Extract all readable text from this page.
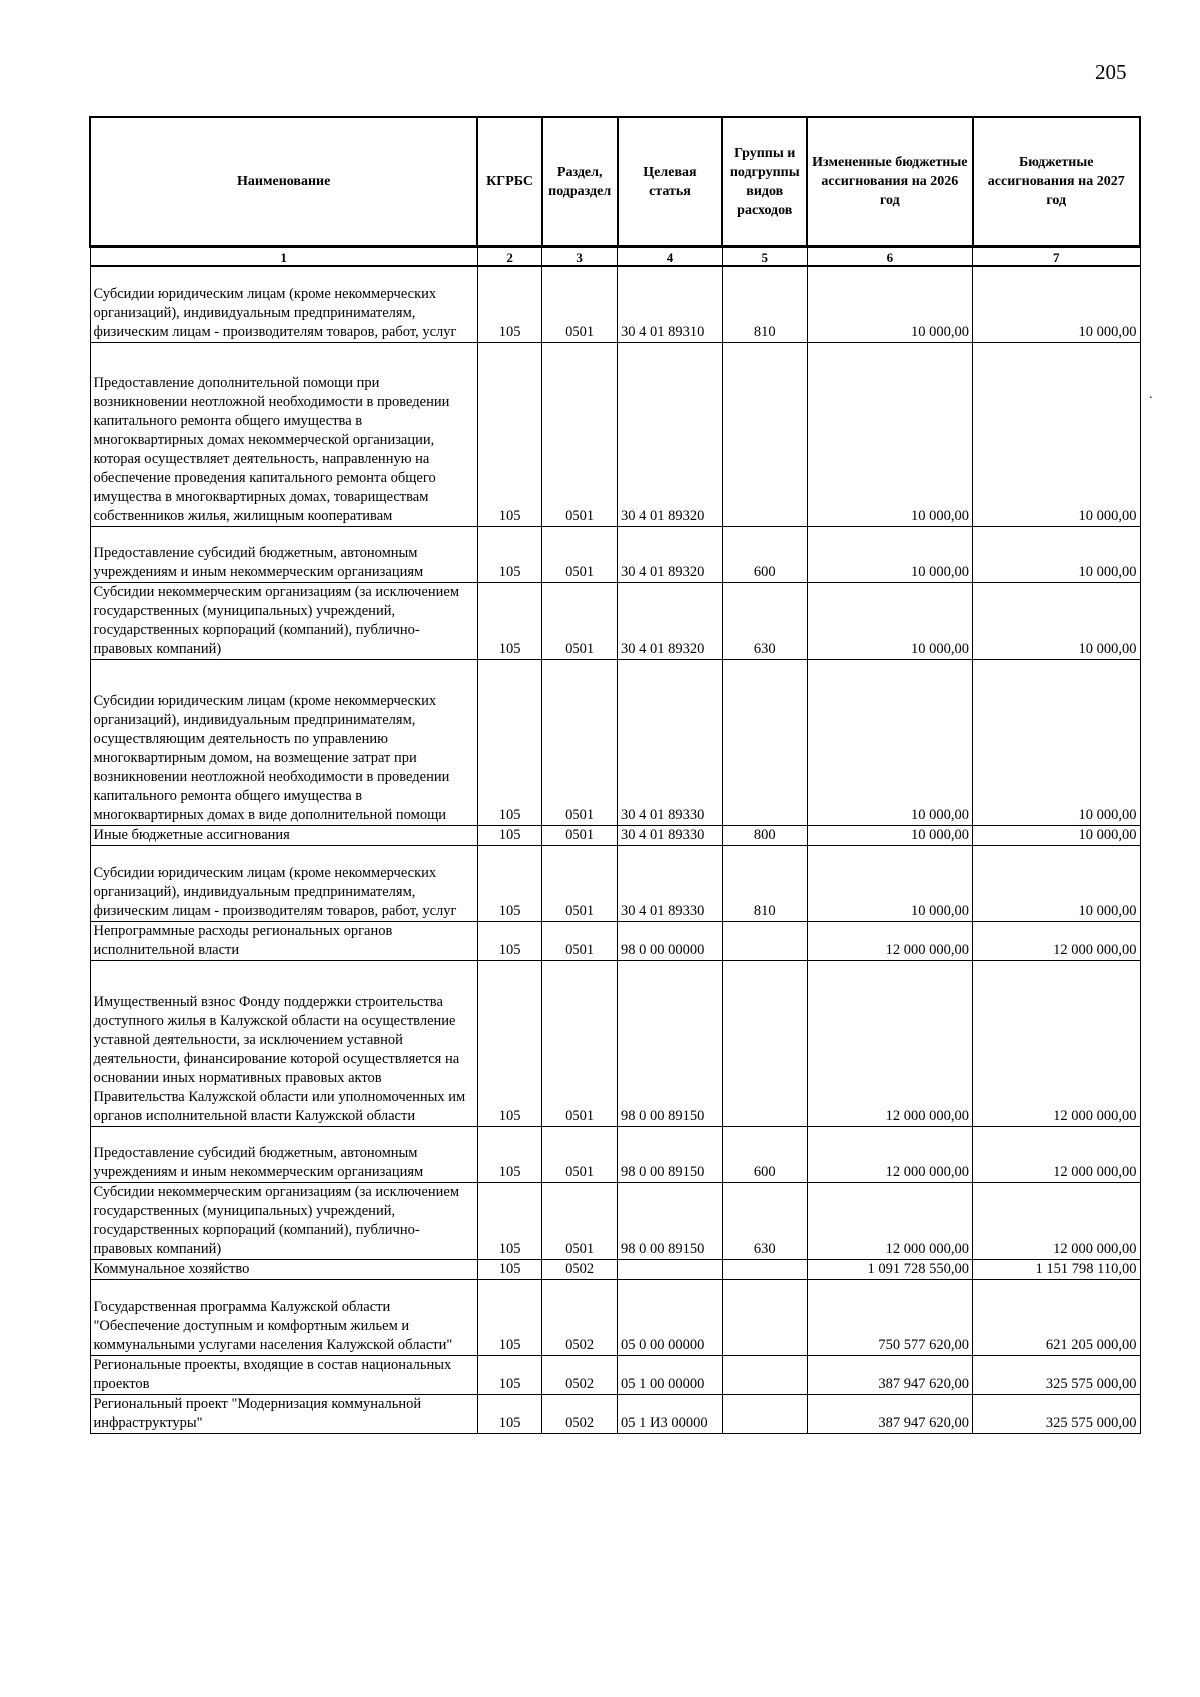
205
.
Наименование	КГРБС	Раздел, подраздел	Целевая статья	Группы и подгруппы видов расходов	Измененные бюджетные ассигнования на 2026 год	Бюджетные ассигнования на 2027 год
1	2	3	4	5	6	7
Субсидии юридическим лицам (кроме некоммерческих организаций), индивидуальным предпринимателям, физическим лицам - производителям товаров, работ, услуг	105	0501	30 4 01 89310	810	10 000,00	10 000,00
Предоставление дополнительной помощи при возникновении неотложной необходимости в проведении капитального ремонта общего имущества в многоквартирных домах некоммерческой организации, которая осуществляет деятельность, направленную на обеспечение проведения капитального ремонта общего имущества в многоквартирных домах, товариществам собственников жилья, жилищным кооперативам	105	0501	30 4 01 89320		10 000,00	10 000,00
Предоставление субсидий бюджетным, автономным учреждениям и иным некоммерческим организациям	105	0501	30 4 01 89320	600	10 000,00	10 000,00
Субсидии некоммерческим организациям (за исключением государственных (муниципальных) учреждений, государственных корпораций (компаний), публично-правовых компаний)	105	0501	30 4 01 89320	630	10 000,00	10 000,00
Субсидии юридическим лицам (кроме некоммерческих организаций), индивидуальным предпринимателям, осуществляющим деятельность по управлению многоквартирным домом, на возмещение затрат при возникновении неотложной необходимости в проведении капитального ремонта общего имущества в многоквартирных домах в виде дополнительной помощи	105	0501	30 4 01 89330		10 000,00	10 000,00
Иные бюджетные ассигнования	105	0501	30 4 01 89330	800	10 000,00	10 000,00
Субсидии юридическим лицам (кроме некоммерческих организаций), индивидуальным предпринимателям, физическим лицам - производителям товаров, работ, услуг	105	0501	30 4 01 89330	810	10 000,00	10 000,00
Непрограммные расходы региональных органов исполнительной власти	105	0501	98 0 00 00000		12 000 000,00	12 000 000,00
Имущественный взнос Фонду поддержки строительства доступного жилья в Калужской области на осуществление уставной деятельности, за исключением уставной деятельности, финансирование которой осуществляется на основании иных нормативных правовых актов Правительства Калужской области или уполномоченных им органов исполнительной власти Калужской области	105	0501	98 0 00 89150		12 000 000,00	12 000 000,00
Предоставление субсидий бюджетным, автономным учреждениям и иным некоммерческим организациям	105	0501	98 0 00 89150	600	12 000 000,00	12 000 000,00
Субсидии некоммерческим организациям (за исключением государственных (муниципальных) учреждений, государственных корпораций (компаний), публично-правовых компаний)	105	0501	98 0 00 89150	630	12 000 000,00	12 000 000,00
Коммунальное хозяйство	105	0502			1 091 728 550,00	1 151 798 110,00
Государственная программа Калужской области "Обеспечение доступным и комфортным жильем и коммунальными услугами населения Калужской области"	105	0502	05 0 00 00000		750 577 620,00	621 205 000,00
Региональные проекты, входящие в состав национальных проектов	105	0502	05 1 00 00000		387 947 620,00	325 575 000,00
Региональный проект "Модернизация коммунальной инфраструктуры"	105	0502	05 1 И3 00000		387 947 620,00	325 575 000,00
